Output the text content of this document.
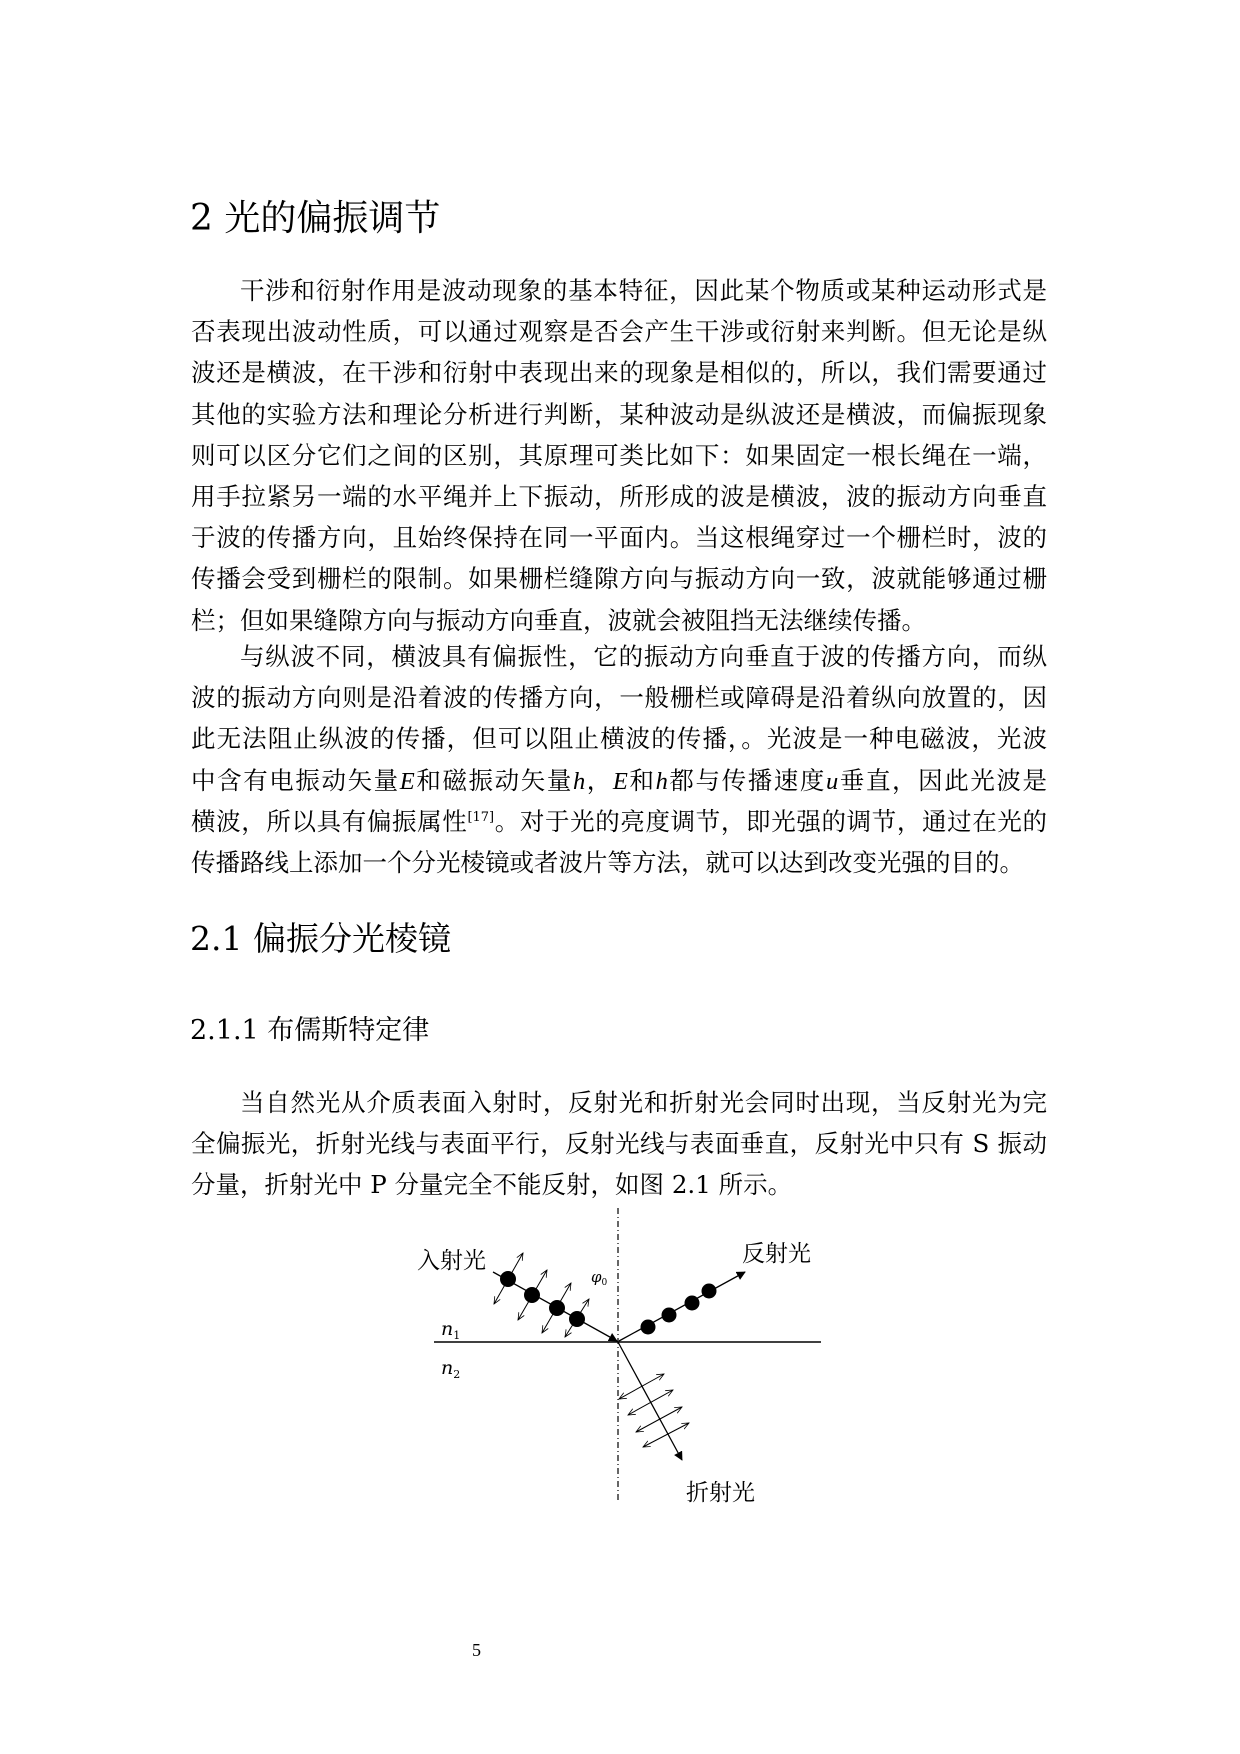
2 光的偏振调节
干涉和衍射作用是波动现象的基本特征，因此某个物质或某种运动形式是
否表现出波动性质，可以通过观察是否会产生干涉或衍射来判断。但无论是纵
波还是横波，在干涉和衍射中表现出来的现象是相似的，所以，我们需要通过
其他的实验方法和理论分析进行判断，某种波动是纵波还是横波，而偏振现象
则可以区分它们之间的区别，其原理可类比如下：如果固定一根长绳在一端，
用手拉紧另一端的水平绳并上下振动，所形成的波是横波，波的振动方向垂直
于波的传播方向，且始终保持在同一平面内。当这根绳穿过一个栅栏时，波的
传播会受到栅栏的限制。如果栅栏缝隙方向与振动方向一致，波就能够通过栅
栏；但如果缝隙方向与振动方向垂直，波就会被阻挡无法继续传播。
与纵波不同，横波具有偏振性，它的振动方向垂直于波的传播方向，而纵
波的振动方向则是沿着波的传播方向，一般栅栏或障碍是沿着纵向放置的，因
此无法阻止纵波的传播，但可以阻止横波的传播，。光波是一种电磁波，光波
中含有电振动矢量E和磁振动矢量h，E和h都与传播速度u垂直，因此光波是
横波，所以具有偏振属性[17]。对于光的亮度调节，即光强的调节，通过在光的
传播路线上添加一个分光棱镜或者波片等方法，就可以达到改变光强的目的。
2.1 偏振分光棱镜
2.1.1 布儒斯特定律
当自然光从介质表面入射时，反射光和折射光会同时出现，当反射光为完
全偏振光，折射光线与表面平行，反射光线与表面垂直，反射光中只有 S 振动
分量，折射光中 P 分量完全不能反射，如图 2.1 所示。
入射光	反射光
折射光
$n_1$
$n_2$
$\varphi_0$
5
